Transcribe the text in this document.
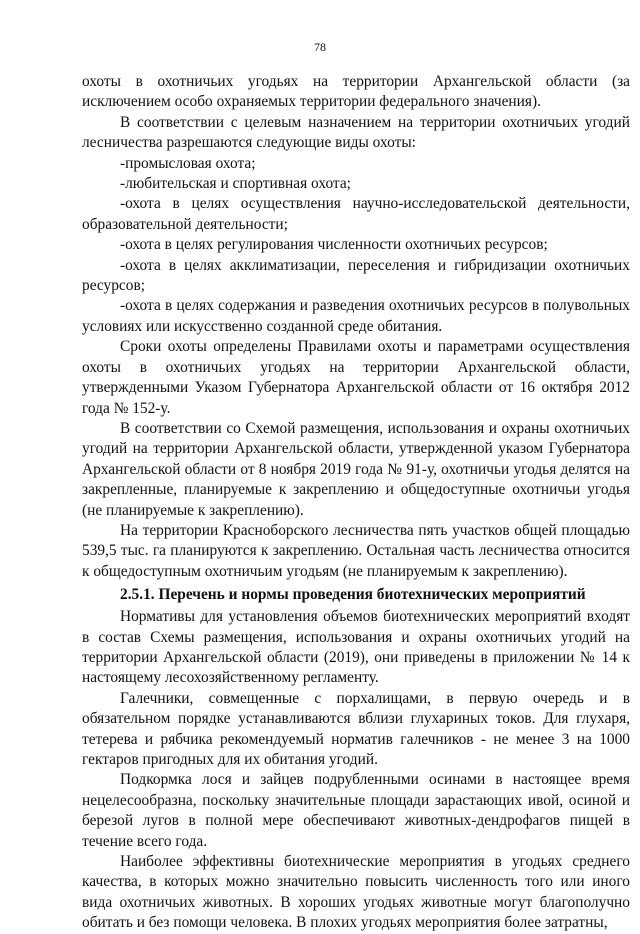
78

охоты в охотничьих угодьях на территории Архангельской области (за исключением особо охраняемых территории федерального значения).

В соответствии с целевым назначением на территории охотничьих угодий лесничества разрешаются следующие виды охоты:

-промысловая охота;

-любительская и спортивная охота;

-охота в целях осуществления научно-исследовательской деятельности, образовательной деятельности;

-охота в целях регулирования численности охотничьих ресурсов;

-охота в целях акклиматизации, переселения и гибридизации охотничьих ресурсов;

-охота в целях содержания и разведения охотничьих ресурсов в полувольных условиях или искусственно созданной среде обитания.

Сроки охоты определены Правилами охоты и параметрами осуществления охоты в охотничьих угодьях на территории Архангельской области, утвержденными Указом Губернатора Архангельской области от 16 октября 2012 года № 152-у.

В соответствии со Схемой размещения, использования и охраны охотничьих угодий на территории Архангельской области, утвержденной указом Губернатора Архангельской области от 8 ноября 2019 года № 91-у, охотничьи угодья делятся на закрепленные, планируемые к закреплению и общедоступные охотничьи угодья (не планируемые к закреплению).

На территории Красноборского лесничества пять участков общей площадью 539,5 тыс. га планируются к закреплению. Остальная часть лесничества относится к общедоступным охотничьим угодьям (не планируемым к закреплению).

2.5.1. Перечень и нормы проведения биотехнических мероприятий

Нормативы для установления объемов биотехнических мероприятий входят в состав Схемы размещения, использования и охраны охотничьих угодий на территории Архангельской области (2019), они приведены в приложении № 14 к настоящему лесохозяйственному регламенту.

Галечники, совмещенные с порхалищами, в первую очередь и в обязательном порядке устанавливаются вблизи глухариных токов. Для глухаря, тетерева и рябчика рекомендуемый норматив галечников - не менее 3 на 1000 гектаров пригодных для их обитания угодий.

Подкормка лося и зайцев подрубленными осинами в настоящее время нецелесообразна, поскольку значительные площади зарастающих ивой, осиной и березой лугов в полной мере обеспечивают животных-дендрофагов пищей в течение всего года.

Наиболее эффективны биотехнические мероприятия в угодьях среднего качества, в которых можно значительно повысить численность того или иного вида охотничьих животных. В хороших угодьях животные могут благополучно обитать и без помощи человека. В плохих угодьях мероприятия более затратны,
